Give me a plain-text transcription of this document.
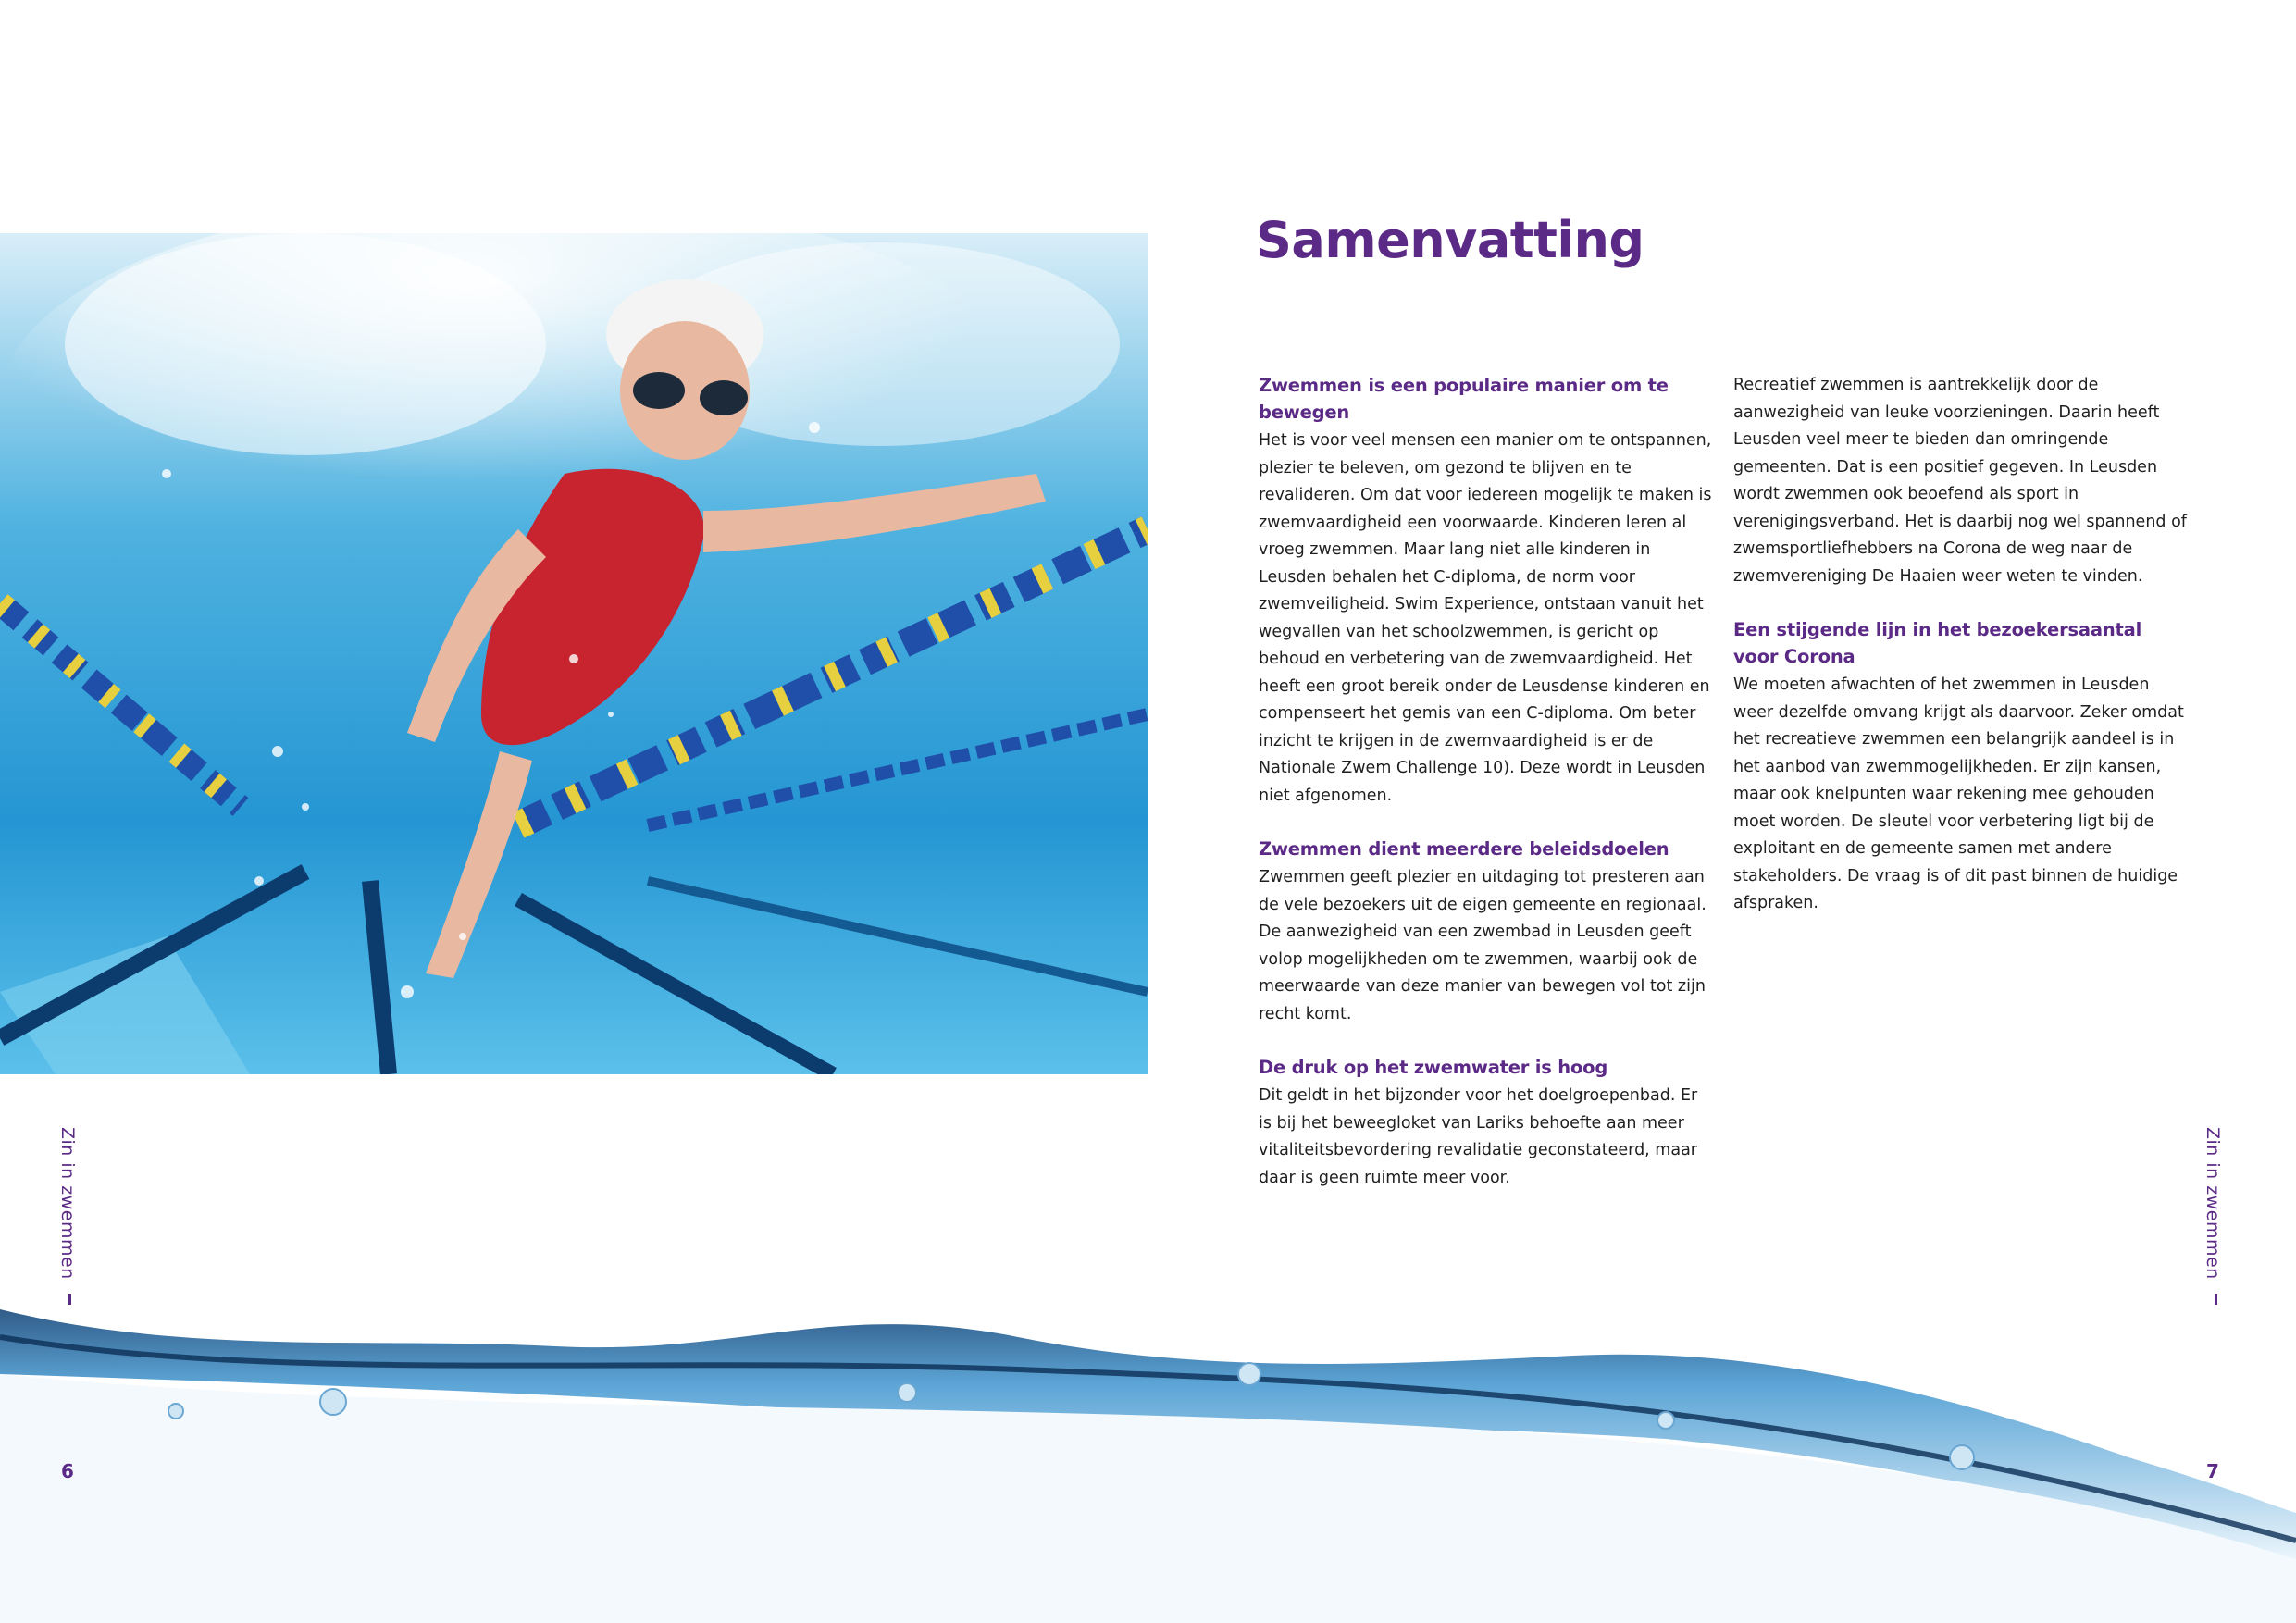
Samenvatting
Zwemmen is een populaire manier om te bewegen

Het is voor veel mensen een manier om te ontspannen, plezier te beleven, om gezond te blijven en te revalideren. Om dat voor iedereen mogelijk te maken is zwemvaardigheid een voorwaarde. Kinderen leren al vroeg zwemmen. Maar lang niet alle kinderen in Leusden behalen het C-diploma, de norm voor zwemveiligheid. Swim Experience, ontstaan vanuit het wegvallen van het schoolzwemmen, is gericht op behoud en verbetering van de zwemvaardigheid. Het heeft een groot bereik onder de Leusdense kinderen en compenseert het gemis van een C-diploma. Om beter inzicht te krijgen in de zwemvaardigheid is er de Nationale Zwem Challenge 10). Deze wordt in Leusden niet afgenomen.

Zwemmen dient meerdere beleidsdoelen

Zwemmen geeft plezier en uitdaging tot presteren aan de vele bezoekers uit de eigen gemeente en regionaal. De aanwezigheid van een zwembad in Leusden geeft volop mogelijkheden om te zwemmen, waarbij ook de meerwaarde van deze manier van bewegen vol tot zijn recht komt.

De druk op het zwemwater is hoog

Dit geldt in het bijzonder voor het doelgroepenbad. Er is bij het beweegloket van Lariks behoefte aan meer vitaliteitsbevordering revalidatie geconstateerd, maar daar is geen ruimte meer voor.

Recreatief zwemmen is aantrekkelijk door de aanwezigheid van leuke voorzieningen. Daarin heeft Leusden veel meer te bieden dan omringende gemeenten. Dat is een positief gegeven. In Leusden wordt zwemmen ook beoefend als sport in verenigingsverband. Het is daarbij nog wel spannend of zwemsportliefhebbers na Corona de weg naar de zwemvereniging De Haaien weer weten te vinden.

Een stijgende lijn in het bezoekersaantal voor Corona

We moeten afwachten of het zwemmen in Leusden weer dezelfde omvang krijgt als daarvoor. Zeker omdat het recreatieve zwemmen een belangrijk aandeel is in het aanbod van zwemmogelijkheden. Er zijn kansen, maar ook knelpunten waar rekening mee gehouden moet worden. De sleutel voor verbetering ligt bij de exploitant en de gemeente samen met andere stakeholders. De vraag is of dit past binnen de huidige afspraken.

Zin in zwemmen	Zin in zwemmen
6	7
